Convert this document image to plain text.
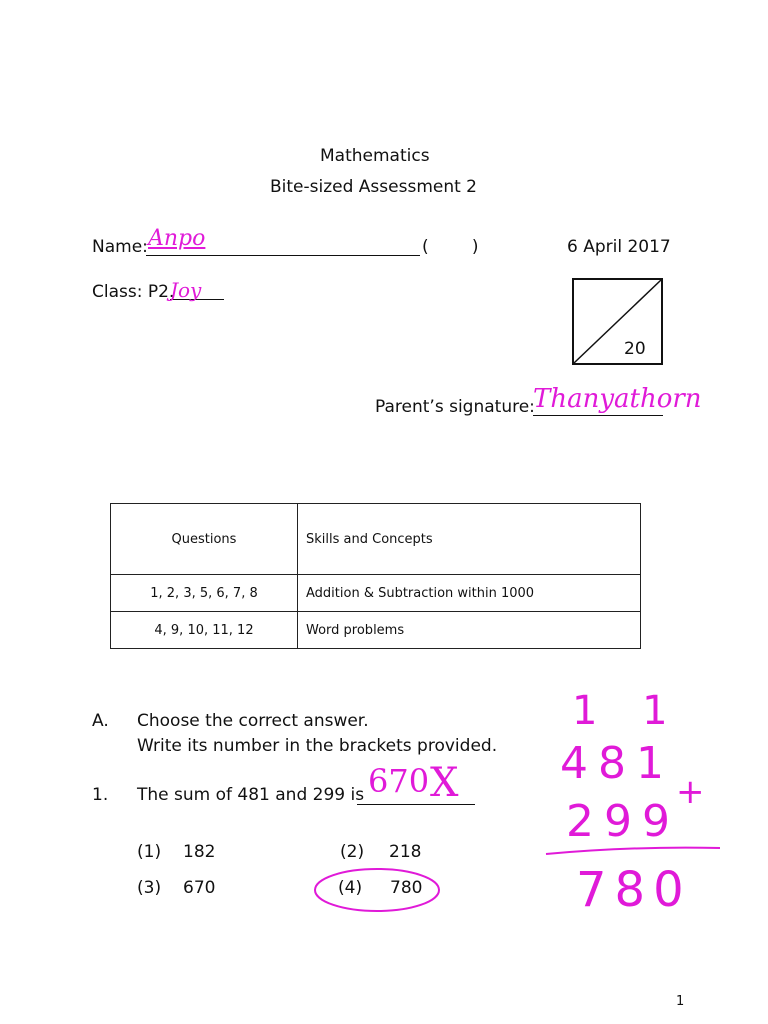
Mathematics
Bite-sized Assessment 2
Name: Anpo	(        )	6 April 2017
Class: P2.
Joy
20
Parent’s signature:
Thanyathorn
Questions	Skills and Concepts
1, 2, 3, 5, 6, 7, 8	Addition & Subtraction within 1000
4, 9, 10, 11, 12	Word problems
A. Choose the correct answer.
Write its number in the brackets provided.
1. The sum of 481 and 299 is 670 X
(1) 182	(2) 218
(3) 670	(4) 780
1 1
481
+
299
780
1
